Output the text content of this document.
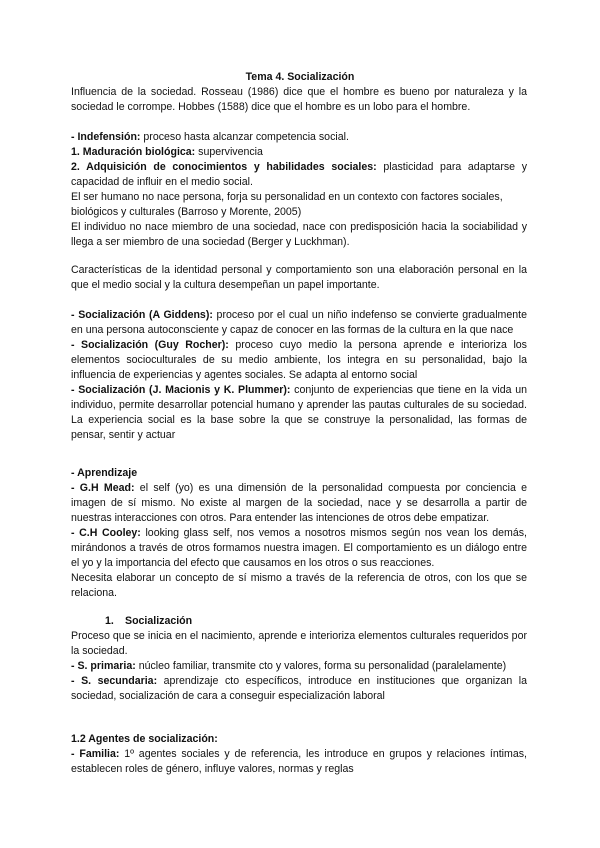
Tema 4. Socialización
Influencia de la sociedad. Rosseau (1986) dice que el hombre es bueno por naturaleza y la sociedad le corrompe. Hobbes (1588) dice que el hombre es un lobo para el hombre.

- Indefensión: proceso hasta alcanzar competencia social.

1. Maduración biológica: supervivencia

2. Adquisición de conocimientos y habilidades sociales: plasticidad para adaptarse y capacidad de influir en el medio social.

El ser humano no nace persona, forja su personalidad en un contexto con factores sociales, biológicos y culturales (Barroso y Morente, 2005)

El individuo no nace miembro de una sociedad, nace con predisposición hacia la sociabilidad y llega a ser miembro de una sociedad (Berger y Luckhman).

Características de la identidad personal y comportamiento son una elaboración personal en la que el medio social y la cultura desempeñan un papel importante.

- Socialización (A Giddens): proceso por el cual un niño indefenso se convierte gradualmente en una persona autoconsciente y capaz de conocer en las formas de la cultura en la que nace

- Socialización (Guy Rocher): proceso cuyo medio la persona aprende e interioriza los elementos socioculturales de su medio ambiente, los integra en su personalidad, bajo la influencia de experiencias y agentes sociales. Se adapta al entorno social

- Socialización (J. Macionis y K. Plummer): conjunto de experiencias que tiene en la vida un individuo, permite desarrollar potencial humano y aprender las pautas culturales de su sociedad. La experiencia social es la base sobre la que se construye la personalidad, las formas de pensar, sentir y actuar

- Aprendizaje

- G.H Mead: el self (yo) es una dimensión de la personalidad compuesta por conciencia e imagen de sí mismo. No existe al margen de la sociedad, nace y se desarrolla a partir de nuestras interacciones con otros. Para entender las intenciones de otros debe empatizar.

- C.H Cooley: looking glass self, nos vemos a nosotros mismos según nos vean los demás, mirándonos a través de otros formamos nuestra imagen. El comportamiento es un diálogo entre el yo y la importancia del efecto que causamos en los otros o sus reacciones.

Necesita elaborar un concepto de sí mismo a través de la referencia de otros, con los que se relaciona.

1. Socialización

Proceso que se inicia en el nacimiento, aprende e interioriza elementos culturales requeridos por la sociedad.

- S. primaria: núcleo familiar, transmite cto y valores, forma su personalidad (paralelamente)

- S. secundaria: aprendizaje cto específicos, introduce en instituciones que organizan la sociedad, socialización de cara a conseguir especialización laboral

1.2 Agentes de socialización:

- Familia: 1º agentes sociales y de referencia, les introduce en grupos y relaciones íntimas, establecen roles de género, influye valores, normas y reglas
